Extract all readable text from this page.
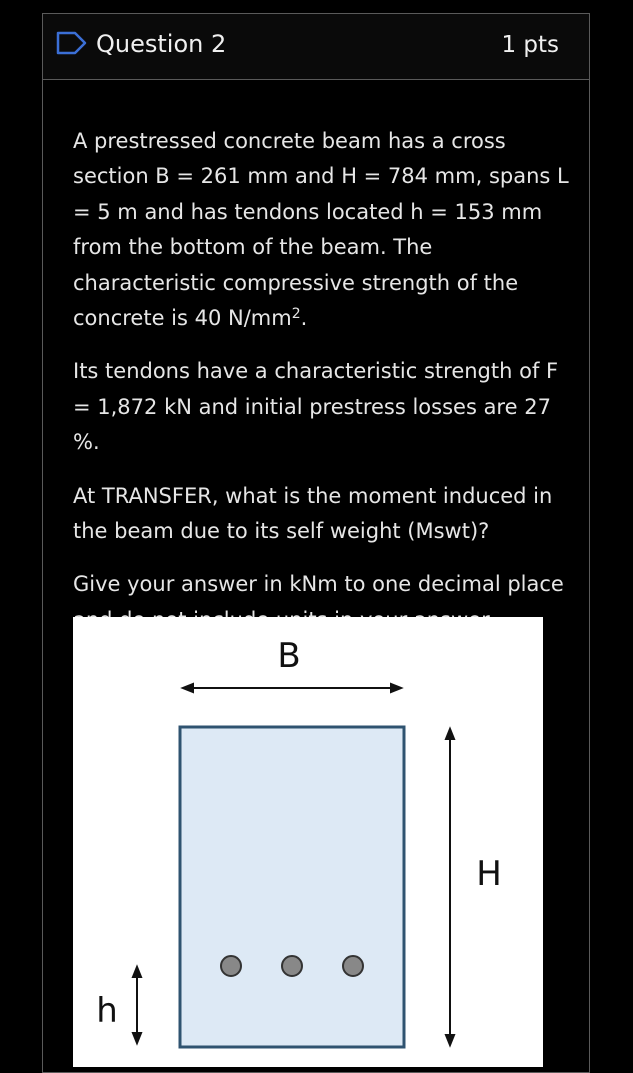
Question 2	1 pts

A prestressed concrete beam has a cross section B = 261 mm and H = 784 mm, spans L = 5 m and has tendons located h = 153 mm from the bottom of the beam. The characteristic compressive strength of the concrete is 40 $N/mm^2$.

Its tendons have a characteristic strength of F = 1,872 kN and initial prestress losses are 27 %.

At TRANSFER, what is the moment induced in the beam due to its self weight (Mswt)?

Give your answer in kNm to one decimal place

B
H
h
